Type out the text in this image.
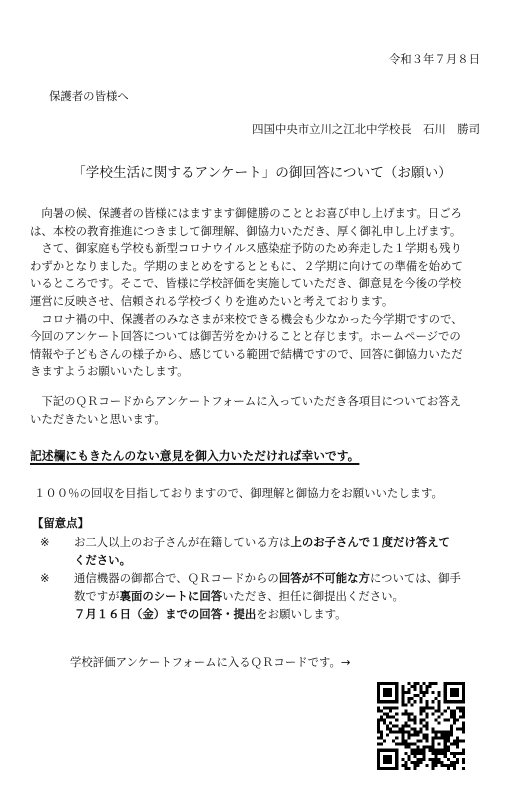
令和３年７月８日
保護者の皆様へ
四国中央市立川之江北中学校長　石川　勝司
「学校生活に関するアンケート」の御回答について（お願い）

　向暑の候、保護者の皆様にはますます御健勝のこととお喜び申し上げます。日ごろ

は、本校の教育推進につきまして御理解、御協力いただき、厚く御礼申し上げます。

　さて、御家庭も学校も新型コロナウイルス感染症予防のため奔走した１学期も残り

わずかとなりました。学期のまとめをするとともに、２学期に向けての準備を始めて

いるところです。そこで、皆様に学校評価を実施していただき、御意見を今後の学校

運営に反映させ、信頼される学校づくりを進めたいと考えております。

　コロナ禍の中、保護者のみなさまが来校できる機会も少なかった今学期ですので、

今回のアンケート回答については御苦労をかけることと存じます。ホームページでの

情報や子どもさんの様子から、感じている範囲で結構ですので、回答に御協力いただ

きますようお願いいたします。

　下記のＱＲコードからアンケートフォームに入っていただき各項目についてお答え

いただきたいと思います。

記述欄にもきたんのない意見を御入力いただければ幸いです。
１００％の回収を目指しておりますので、御理解と御協力をお願いいたします。
【留意点】
※ お二人以上のお子さんが在籍している方は上のお子さんで１度だけ答えて
ください。
※ 通信機器の御都合で、ＱＲコードからの回答が不可能な方については、御手
数ですが裏面のシートに回答いただき、担任に御提出ください。
７月１６日（金）までの回答・提出をお願いします。
学校評価アンケートフォームに入るＱＲコードです。→
